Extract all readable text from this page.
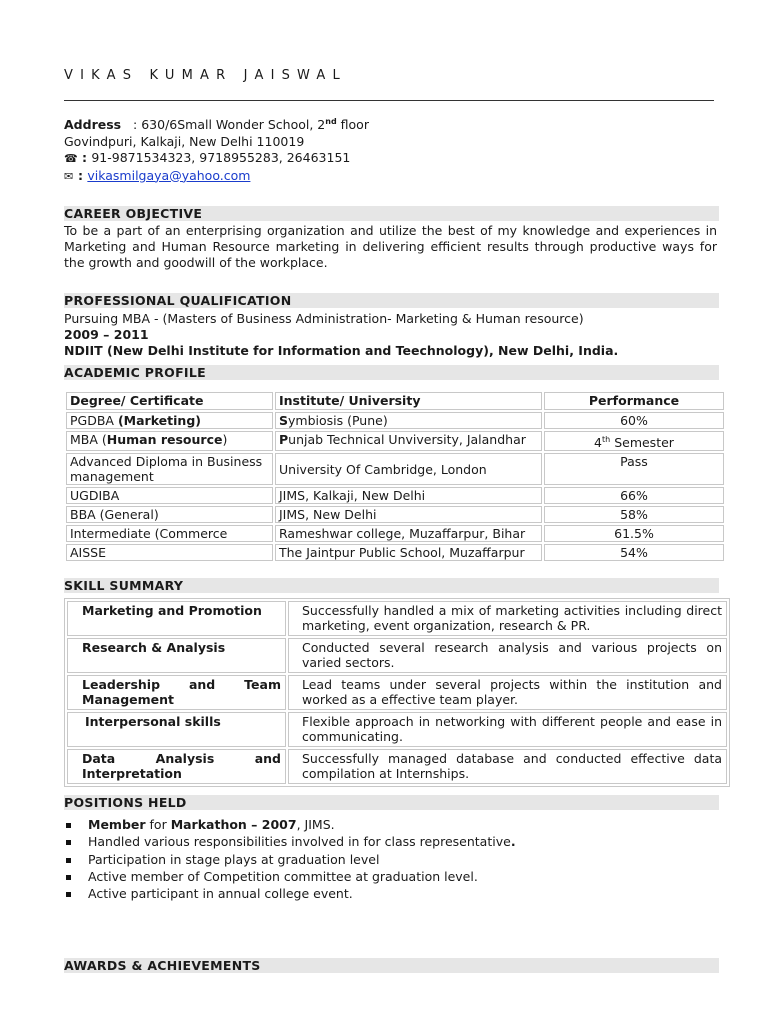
VIKAS KUMAR JAISWAL
Address   : 630/6Small Wonder School, 2nd floor
Govindpuri, Kalkaji, New Delhi 110019
☎ : 91-9871534323, 9718955283, 26463151
✉ : vikasmilgaya@yahoo.com
CAREER OBJECTIVE
To be a part of an enterprising organization and utilize the best of my knowledge and experiences in Marketing and Human Resource marketing in delivering efficient results through productive ways for the growth and goodwill of the workplace.
PROFESSIONAL QUALIFICATION
Pursuing MBA - (Masters of Business Administration- Marketing & Human resource)
2009 – 2011
NDIIT (New Delhi Institute for Information and Teechnology), New Delhi, India.
ACADEMIC PROFILE
Degree/ Certificate	Institute/ University	Performance
PGDBA (Marketing)	Symbiosis (Pune)	60%
MBA (Human resource)	Punjab Technical Unviversity, Jalandhar	4th Semester
Advanced Diploma in Business management	University Of Cambridge, London	Pass
UGDIBA	JIMS, Kalkaji, New Delhi	66%
BBA (General)	JIMS, New Delhi	58%
Intermediate (Commerce	Rameshwar college, Muzaffarpur, Bihar	61.5%
AISSE	The Jaintpur Public School, Muzaffarpur	54%
SKILL SUMMARY
Marketing and Promotion	Successfully handled a mix of marketing activities including direct marketing, event organization, research & PR.
Research & Analysis	Conducted several research analysis and various projects on varied sectors.
Leadership and Team Management	Lead teams under several projects within the institution and worked as a effective team player.
Interpersonal skills	Flexible approach in networking with different people and ease in communicating.
Data Analysis and Interpretation	Successfully managed database and conducted effective data compilation at Internships.
POSITIONS HELD
Member for Markathon – 2007, JIMS.
Handled various responsibilities involved in for class representative.
Participation in stage plays at graduation level
Active member of Competition committee at graduation level.
Active participant in annual college event.
AWARDS & ACHIEVEMENTS
